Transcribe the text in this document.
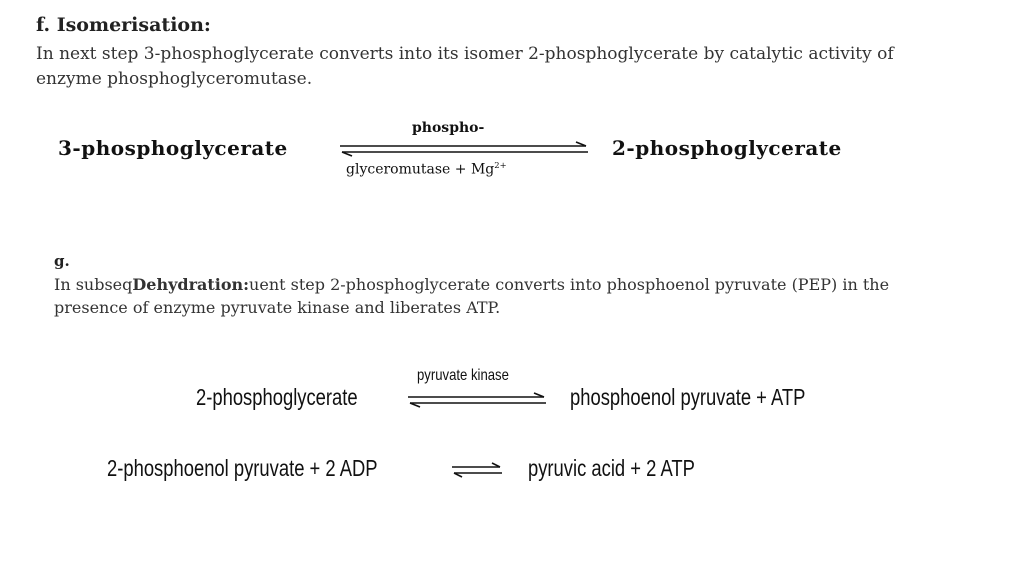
f. Isomerisation:
In next step 3-phosphoglycerate converts into its isomer 2-phosphoglycerate by catalytic activity of enzyme phosphoglyceromutase.
3-phosphoglycerate
phospho-
glyceromutase + $Mg^{2+}$
2-phosphoglycerate
g.
In subseqDehydration:uent step 2-phosphoglycerate converts into phosphoenol pyruvate (PEP) in the presence of enzyme pyruvate kinase and liberates ATP.
2-phosphoglycerate
pyruvate kinase
phosphoenol pyruvate + ATP
2-phosphoenol pyruvate + 2 ADP	pyruvic acid + 2 ATP
